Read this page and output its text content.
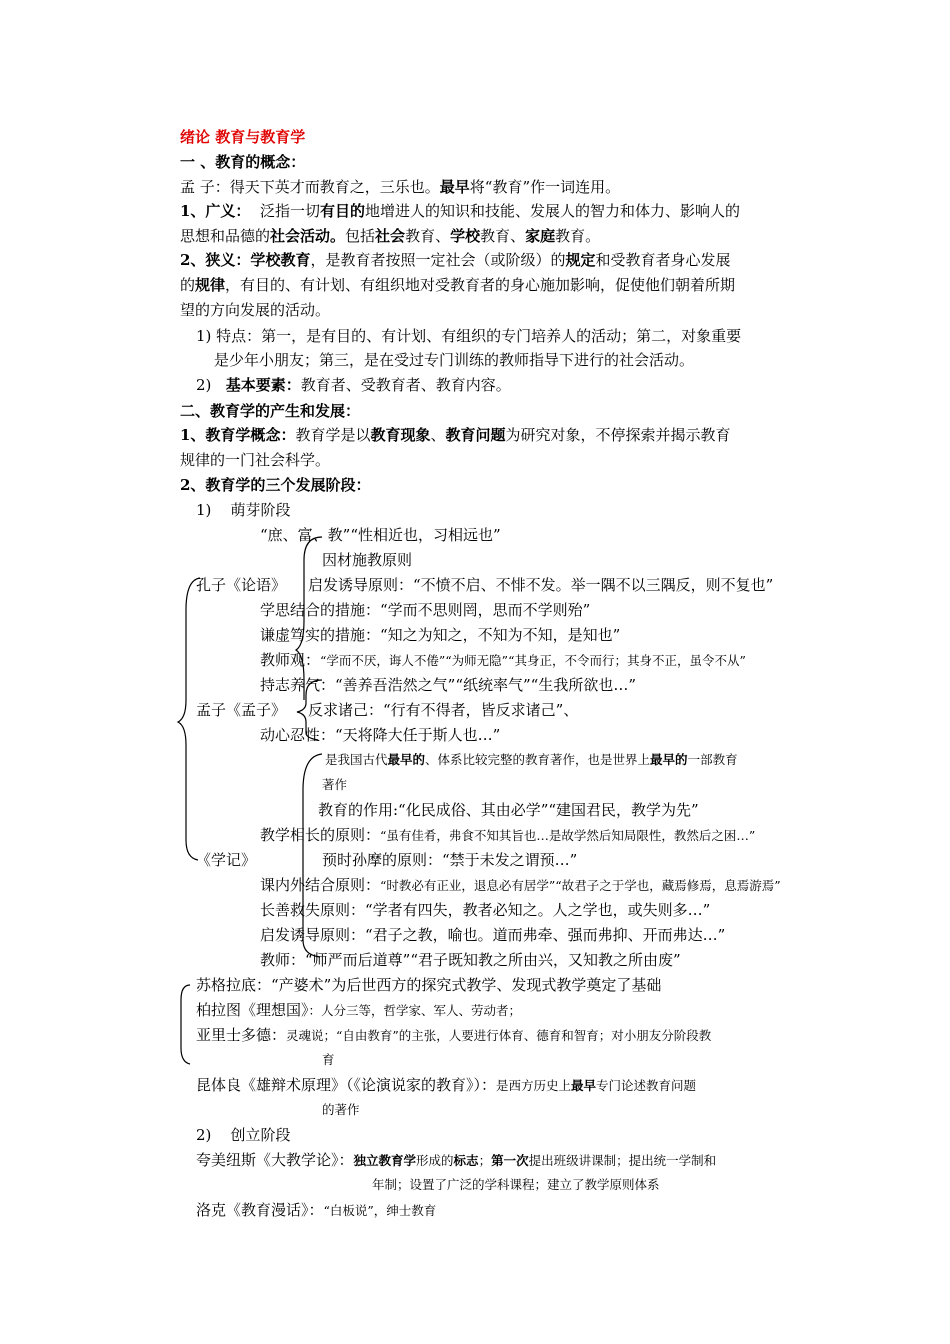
绪论 教育与教育学
一 、教育的概念：
孟 子：得天下英才而教育之，三乐也。最早将“教育”作一词连用。
1、广义： 泛指一切有目的地增进人的知识和技能、发展人的智力和体力、影响人的
思想和品德的社会活动。包括社会教育、学校教育、家庭教育。
2、狭义：学校教育，是教育者按照一定社会（或阶级）的规定和受教育者身心发展
的规律，有目的、有计划、有组织地对受教育者的身心施加影响，促使他们朝着所期
望的方向发展的活动。
1) 特点：第一，是有目的、有计划、有组织的专门培养人的活动；第二，对象重要
是少年小朋友；第三，是在受过专门训练的教师指导下进行的社会活动。
2) 基本要素：教育者、受教育者、教育内容。
二、教育学的产生和发展：
1、教育学概念：教育学是以教育现象、教育问题为研究对象，不停探索并揭示教育
规律的一门社会科学。
2、教育学的三个发展阶段：
1) 萌芽阶段
“庶、富、教”“性相近也，习相远也”
因材施教原则
孔子《论语》 启发诱导原则：“不愤不启、不悱不发。举一隅不以三隅反，则不复也”
学思结合的措施：“学而不思则罔，思而不学则殆”
谦虚笃实的措施：“知之为知之，不知为不知，是知也”
教师观：“学而不厌，诲人不倦”“为师无隐”“其身正，不令而行；其身不正，虽令不从”
持志养气：“善养吾浩然之气”“纸统率气”“生我所欲也…”
孟子《孟子》 反求诸己：“行有不得者，皆反求诸己”、
动心忍性：“天将降大任于斯人也…”
是我国古代最早的、体系比较完整的教育著作，也是世界上最早的一部教育
著作
教育的作用:“化民成俗、其由必学”“建国君民，教学为先”
教学相长的原则：“虽有佳肴，弗食不知其旨也…是故学然后知局限性，教然后之困…”
《学记》	预时孙摩的原则：“禁于未发之谓预…”
课内外结合原则：“时教必有正业，退息必有居学”“故君子之于学也，藏焉修焉，息焉游焉”
长善救失原则：“学者有四失，教者必知之。人之学也，或失则多…”
启发诱导原则：“君子之教，喻也。道而弗牵、强而弗抑、开而弗达…”
教师：“师严而后道尊”“君子既知教之所由兴，又知教之所由废”
苏格拉底：“产婆术”为后世西方的探究式教学、发现式教学奠定了基础
柏拉图《理想国》：人分三等，哲学家、军人、劳动者；
亚里士多德：灵魂说；“自由教育”的主张，人要进行体育、德育和智育；对小朋友分阶段教
育
昆体良《雄辩术原理》（《论演说家的教育》）：是西方历史上最早专门论述教育问题
的著作
2) 创立阶段
夸美纽斯《大教学论》：独立教育学形成的标志；第一次提出班级讲课制；提出统一学制和
年制；设置了广泛的学科课程；建立了教学原则体系
洛克《教育漫话》：“白板说”，绅士教育
